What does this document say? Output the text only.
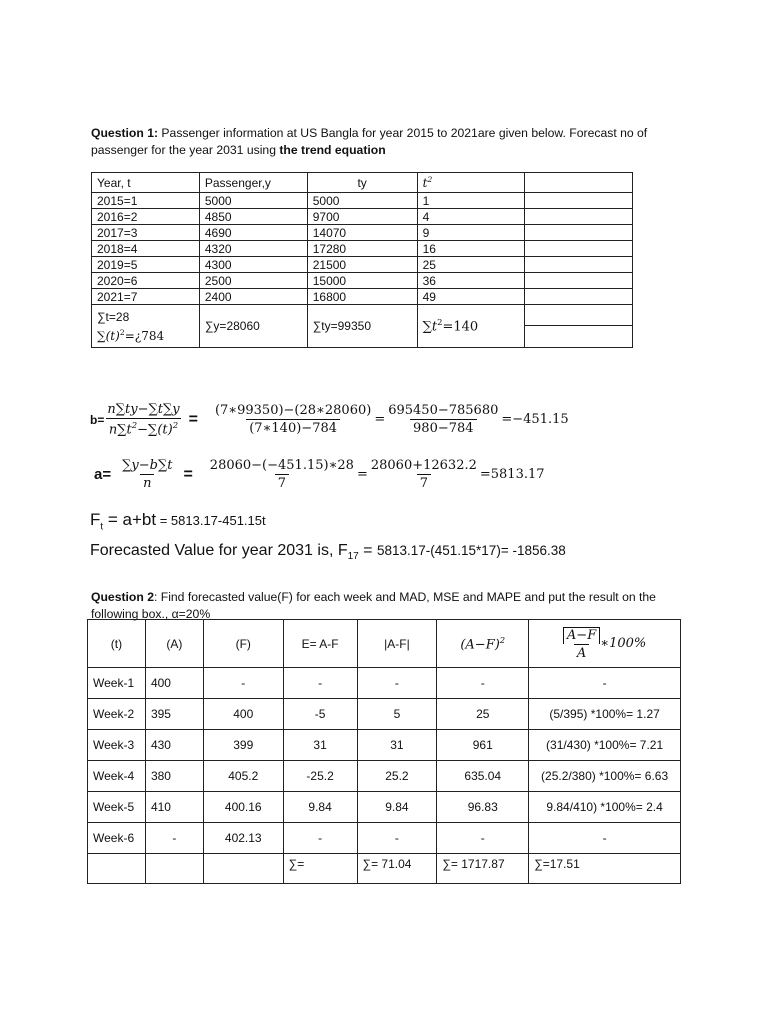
Question 1: Passenger information at US Bangla for year 2015 to 2021are given below. Forecast no of
passenger for the year 2031 using the trend equation
Year, t	Passenger,y	ty	$t^2$	
2015=1	5000	5000	1	
2016=2	4850	9700	4	
2017=3	4690	14070	9	
2018=4	4320	17280	16	
2019=5	4300	21500	25	
2020=6	2500	15000	36	
2021=7	2400	16800	49	

∑t=28
$\sum(t)^2=¿784$	∑y=28060	∑ty=99350	$\sum t^2=140$	
$b= \frac{n\sum ty-\sum t\sum y}{n\sum t^2-\sum(t)^2} = \frac{(7∗99350)-(28∗28060)}{(7∗140)-784} = \frac{695450-785680}{980-784} =-451.15$
$a= \frac{\sum y-b\sum t}{n} = \frac{28060-(-451.15)∗28}{7} = \frac{28060+12632.2}{7} =5813.17$
$F_t = a+bt = 5813.17-451.15t$
Forecasted Value for year 2031 is, $F_{17} = 5813.17-(451.15*17)= -1856.38$
Question 2: Find forecasted value(F) for each week and MAD, MSE and MAPE and put the result on the
following box., α=20%
(t)	(A)	(F)	E= A-F	|A-F|	$(A-F)^2$	$\frac{A-F}{A}$ ∗100%

Week-1	400	-	-	-	-	-
Week-2	395	400	-5	5	25	(5/395) *100%= 1.27
Week-3	430	399	31	31	961	(31/430) *100%= 7.21
Week-4	380	405.2	-25.2	25.2	635.04	(25.2/380) *100%= 6.63
Week-5	410	400.16	9.84	9.84	96.83	9.84/410) *100%= 2.4
Week-6	-	402.13	-	-	-	-
			∑=	∑= 71.04	∑= 1717.87	∑=17.51
